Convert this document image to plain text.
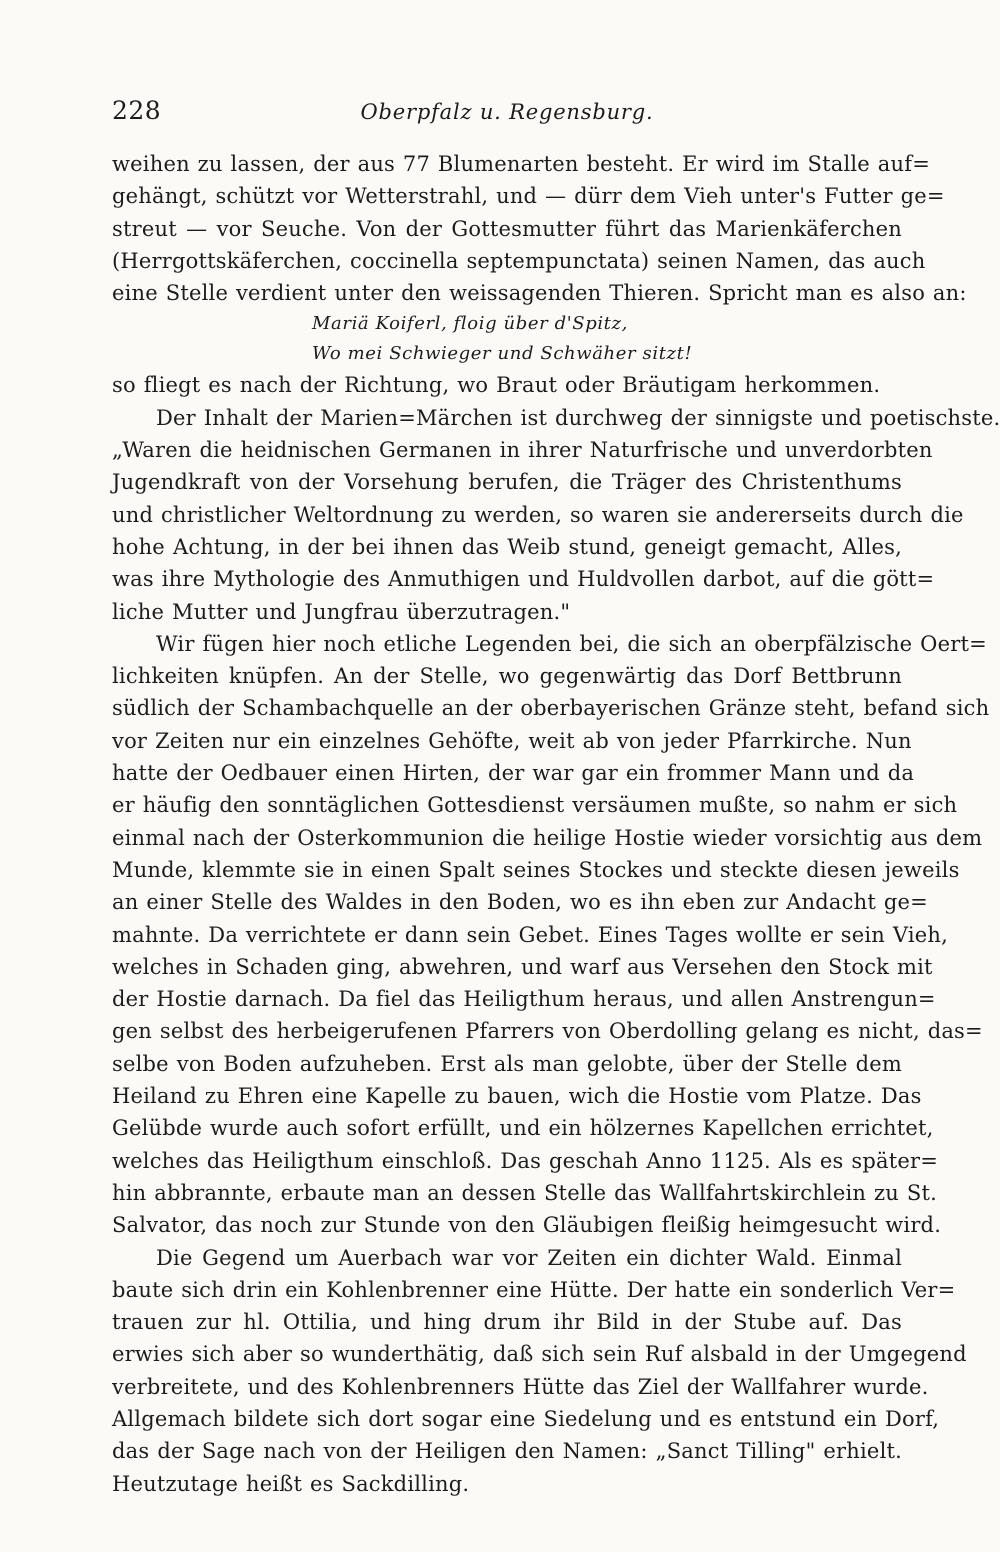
228	Oberpfalz u. Regensburg.
weihen zu lassen, der aus 77 Blumenarten besteht. Er wird im Stalle auf=
gehängt, schützt vor Wetterstrahl, und — dürr dem Vieh unter's Futter ge=
streut — vor Seuche. Von der Gottesmutter führt das Marienkäferchen
(Herrgottskäferchen, coccinella septempunctata) seinen Namen, das auch
eine Stelle verdient unter den weissagenden Thieren. Spricht man es also an:
Mariä Koiferl, floig über d'Spitz,
Wo mei Schwieger und Schwäher sitzt!
so fliegt es nach der Richtung, wo Braut oder Bräutigam herkommen.
Der Inhalt der Marien=Märchen ist durchweg der sinnigste und poetischste.
„Waren die heidnischen Germanen in ihrer Naturfrische und unverdorbten
Jugendkraft von der Vorsehung berufen, die Träger des Christenthums
und christlicher Weltordnung zu werden, so waren sie andererseits durch die
hohe Achtung, in der bei ihnen das Weib stund, geneigt gemacht, Alles,
was ihre Mythologie des Anmuthigen und Huldvollen darbot, auf die gött=
liche Mutter und Jungfrau überzutragen."
Wir fügen hier noch etliche Legenden bei, die sich an oberpfälzische Oert=
lichkeiten knüpfen. An der Stelle, wo gegenwärtig das Dorf Bettbrunn
südlich der Schambachquelle an der oberbayerischen Gränze steht, befand sich
vor Zeiten nur ein einzelnes Gehöfte, weit ab von jeder Pfarrkirche. Nun
hatte der Oedbauer einen Hirten, der war gar ein frommer Mann und da
er häufig den sonntäglichen Gottesdienst versäumen mußte, so nahm er sich
einmal nach der Osterkommunion die heilige Hostie wieder vorsichtig aus dem
Munde, klemmte sie in einen Spalt seines Stockes und steckte diesen jeweils
an einer Stelle des Waldes in den Boden, wo es ihn eben zur Andacht ge=
mahnte. Da verrichtete er dann sein Gebet. Eines Tages wollte er sein Vieh,
welches in Schaden ging, abwehren, und warf aus Versehen den Stock mit
der Hostie darnach. Da fiel das Heiligthum heraus, und allen Anstrengun=
gen selbst des herbeigerufenen Pfarrers von Oberdolling gelang es nicht, das=
selbe von Boden aufzuheben. Erst als man gelobte, über der Stelle dem
Heiland zu Ehren eine Kapelle zu bauen, wich die Hostie vom Platze. Das
Gelübde wurde auch sofort erfüllt, und ein hölzernes Kapellchen errichtet,
welches das Heiligthum einschloß. Das geschah Anno 1125. Als es später=
hin abbrannte, erbaute man an dessen Stelle das Wallfahrtskirchlein zu St.
Salvator, das noch zur Stunde von den Gläubigen fleißig heimgesucht wird.
Die Gegend um Auerbach war vor Zeiten ein dichter Wald. Einmal
baute sich drin ein Kohlenbrenner eine Hütte. Der hatte ein sonderlich Ver=
trauen zur hl. Ottilia, und hing drum ihr Bild in der Stube auf. Das
erwies sich aber so wunderthätig, daß sich sein Ruf alsbald in der Umgegend
verbreitete, und des Kohlenbrenners Hütte das Ziel der Wallfahrer wurde.
Allgemach bildete sich dort sogar eine Siedelung und es entstund ein Dorf,
das der Sage nach von der Heiligen den Namen: „Sanct Tilling" erhielt.
Heutzutage heißt es Sackdilling.
